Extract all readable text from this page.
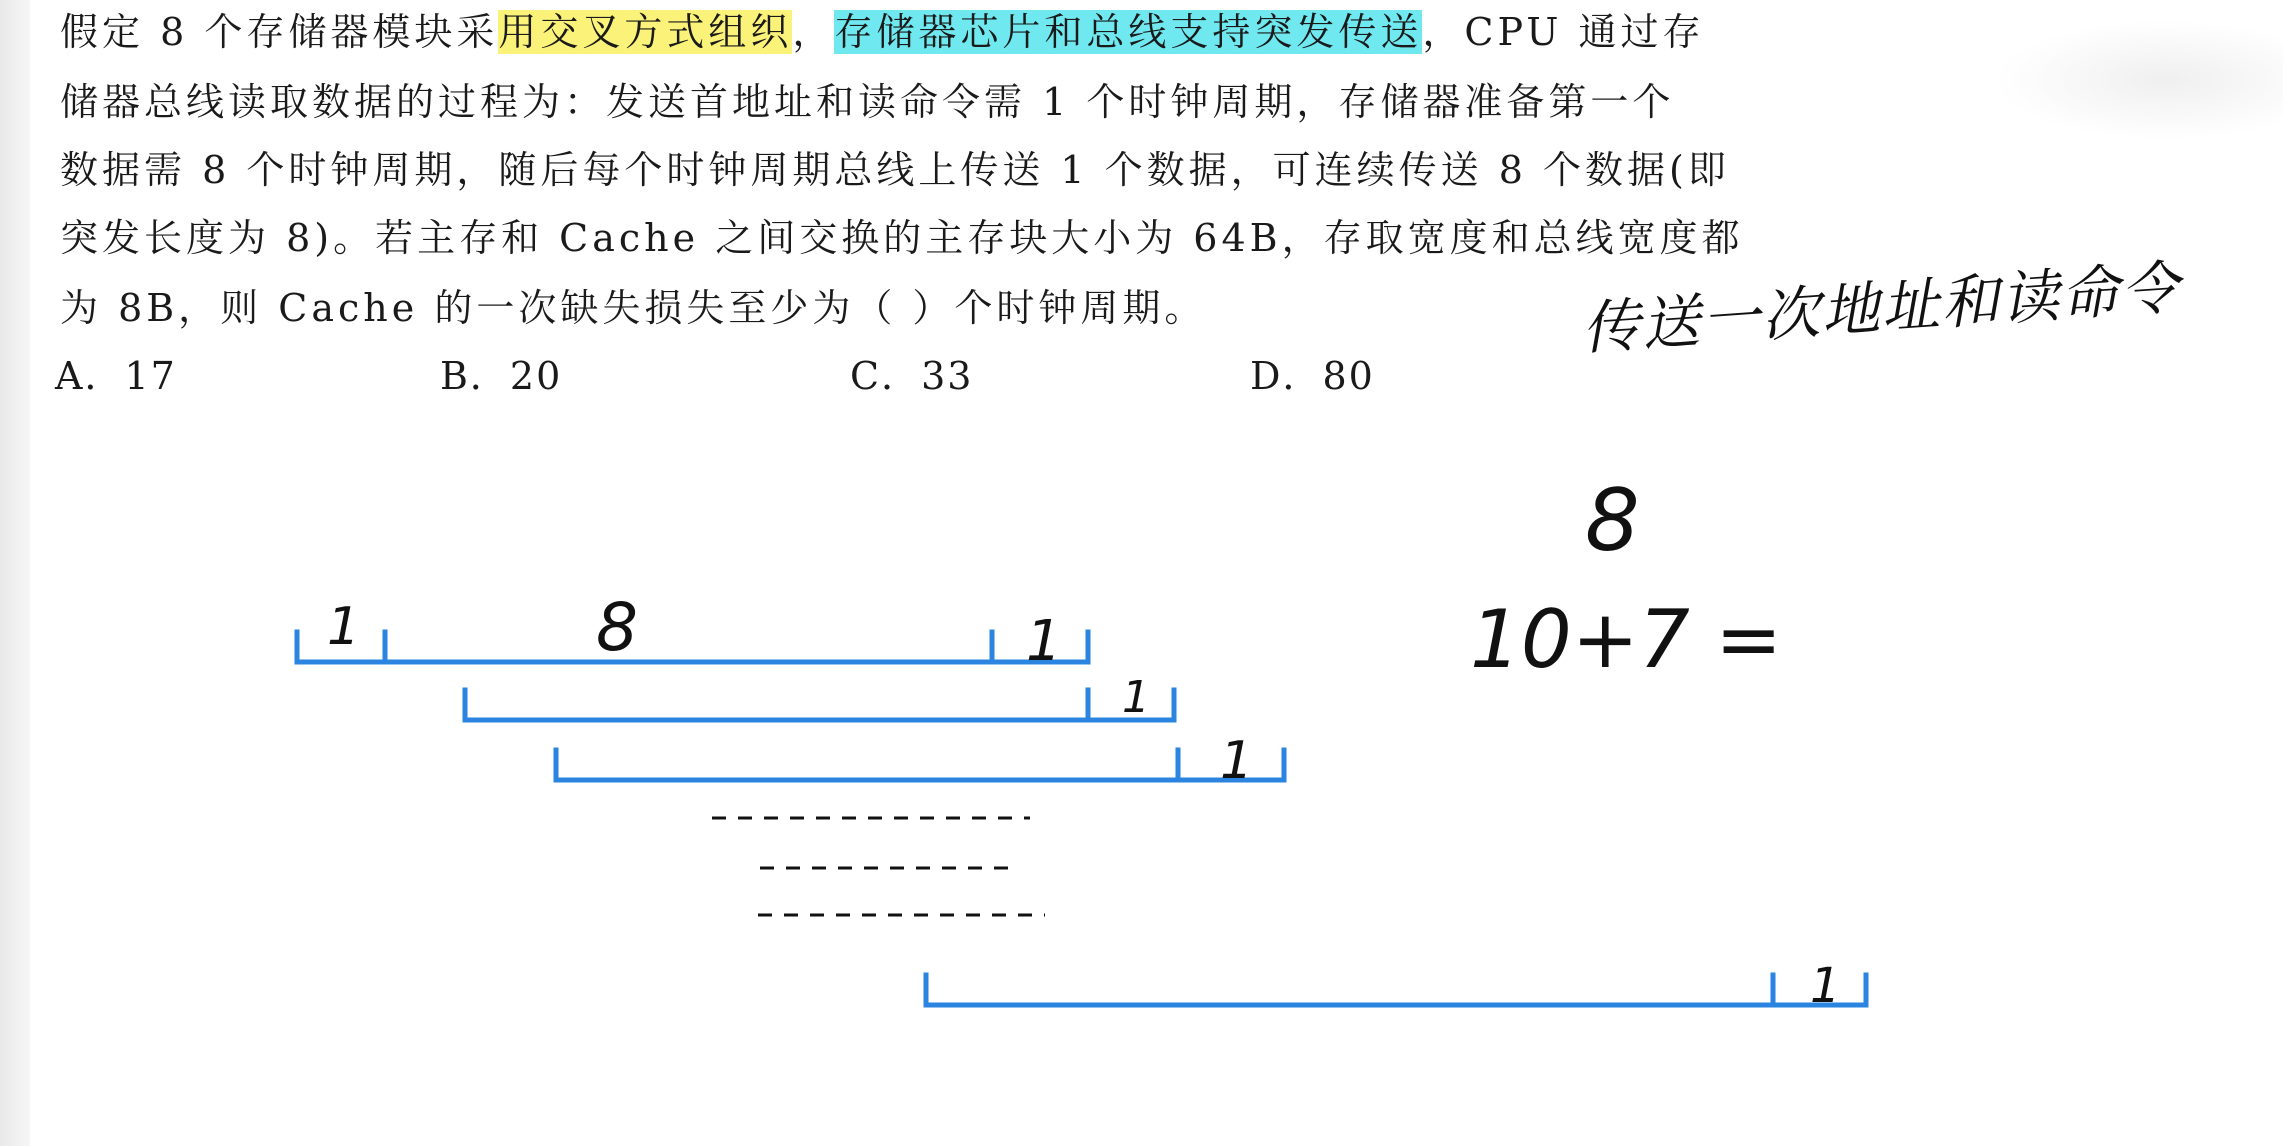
假定 8 个存储器模块采用交叉方式组织，存储器芯片和总线支持突发传送，CPU 通过存
储器总线读取数据的过程为：发送首地址和读命令需 1 个时钟周期，存储器准备第一个
数据需 8 个时钟周期，随后每个时钟周期总线上传送 1 个数据，可连续传送 8 个数据(即
突发长度为 8)。若主存和 Cache 之间交换的主存块大小为 64B，存取宽度和总线宽度都
为 8B，则 Cache 的一次缺失损失至少为（ ）个时钟周期。
A．17	B．20	C．33	D．80
传送一次地址和读命令
8
10+7 =
1	8	1
1
1
1
